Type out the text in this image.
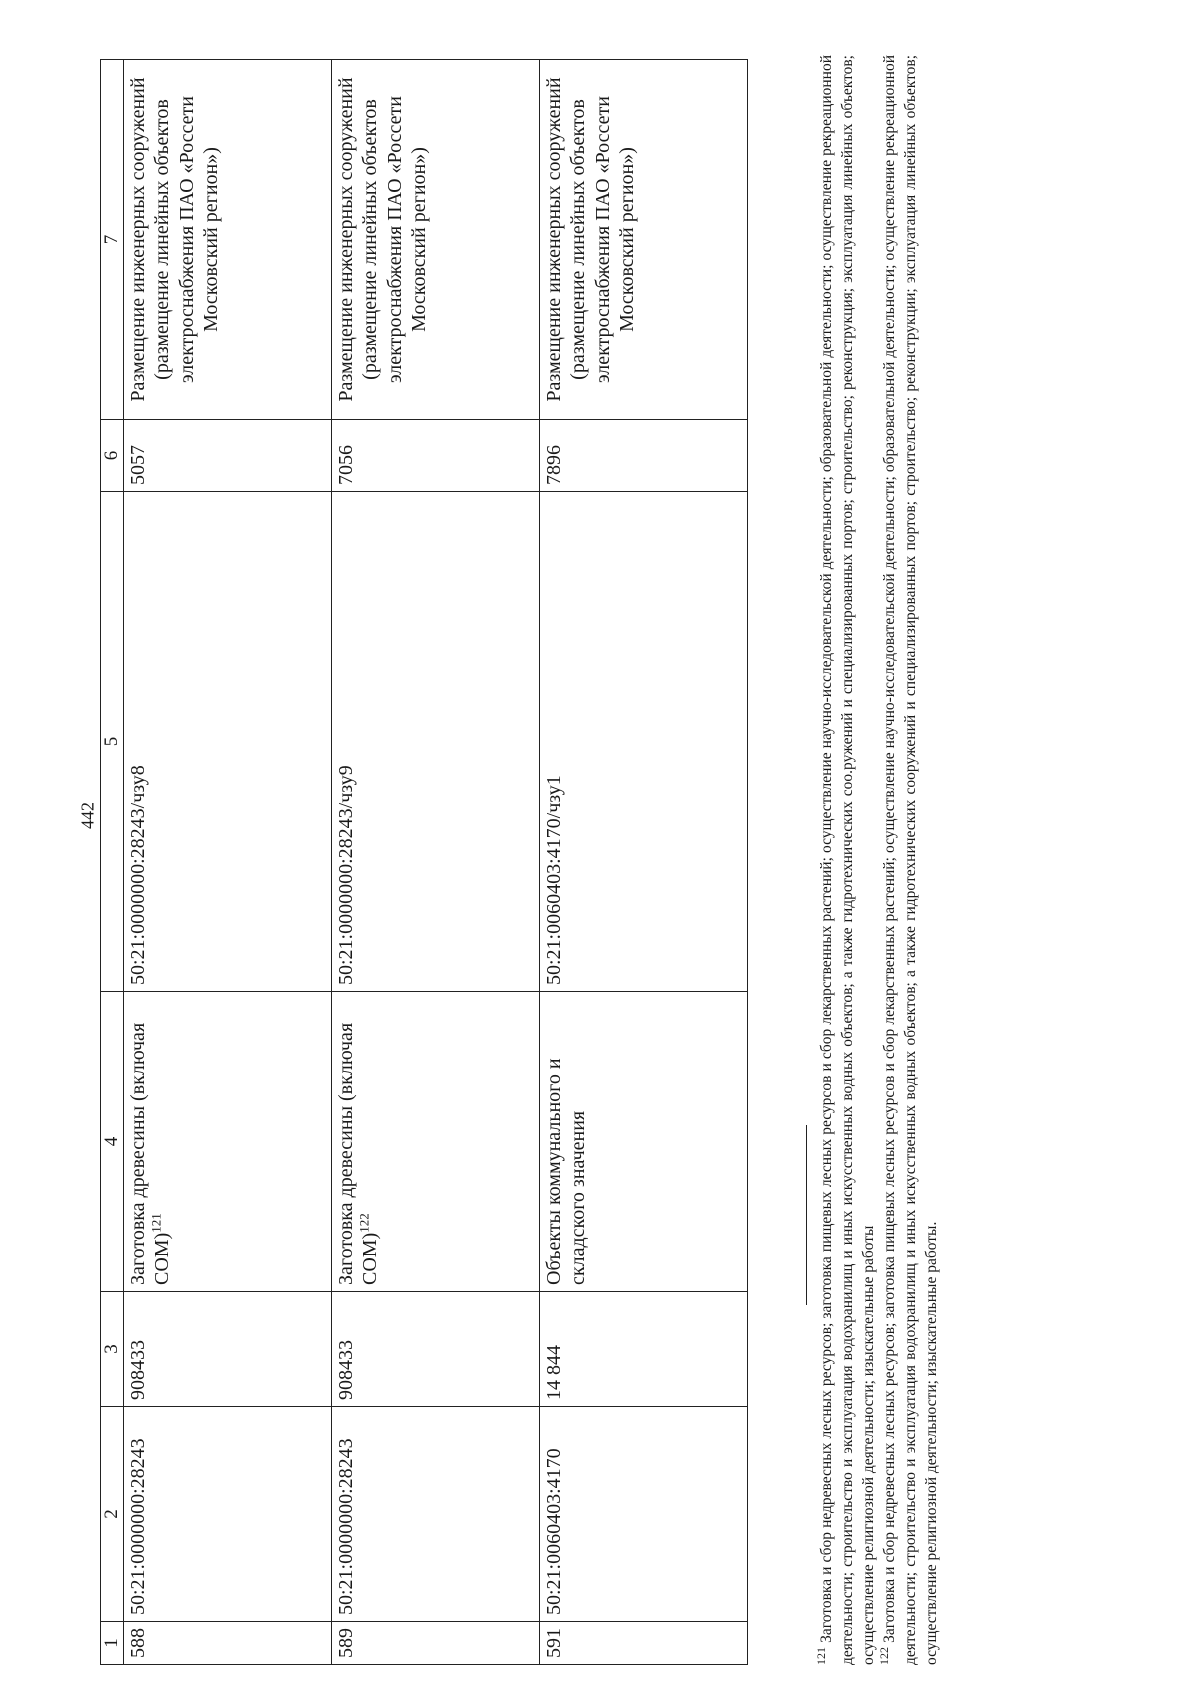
442
1	2	3	4	5	6	7
588	50:21:0000000:28243	908433	Заготовка древесины (включая СОМ)$^{121}$	50:21:0000000:28243/чзу8	5057	Размещение инженерных сооружений (размещение линейных объектов электроснабжения ПАО «Россети Московский регион»)
589	50:21:0000000:28243	908433	Заготовка древесины (включая СОМ)$^{122}$	50:21:0000000:28243/чзу9	7056	Размещение инженерных сооружений (размещение линейных объектов электроснабжения ПАО «Россети Московский регион»)
591	50:21:0060403:4170	14 844	Объекты коммунального и складского значения	50:21:0060403:4170/чзу1	7896	Размещение инженерных сооружений (размещение линейных объектов электроснабжения ПАО «Россети Московский регион»)

$^{121}$ Заготовка и сбор недревесных лесных ресурсов; заготовка пищевых лесных ресурсов и сбор лекарственных растений; осуществление научно-исследовательской деятельности; образовательной деятельности; осуществление рекреационной деятельности; строительство и эксплуатация водохранилищ и иных искусственных водных объектов; а также гидротехнических соо.ружений и специализированных портов; строительство; реконструкция; эксплуатация линейных объектов; осуществление религиозной деятельности; изыскательные работы $^{122}$ Заготовка и сбор недревесных лесных ресурсов; заготовка пищевых лесных ресурсов и сбор лекарственных растений; осуществление научно-исследовательской деятельности; образовательной деятельности; осуществление рекреационной деятельности; строительство и эксплуатация водохранилищ и иных искусственных водных объектов; а также гидротехнических сооружений и специализированных портов; строительство; реконструкции; эксплуатация линейных объектов; осуществление религиозной деятельности; изыскательные работы.
